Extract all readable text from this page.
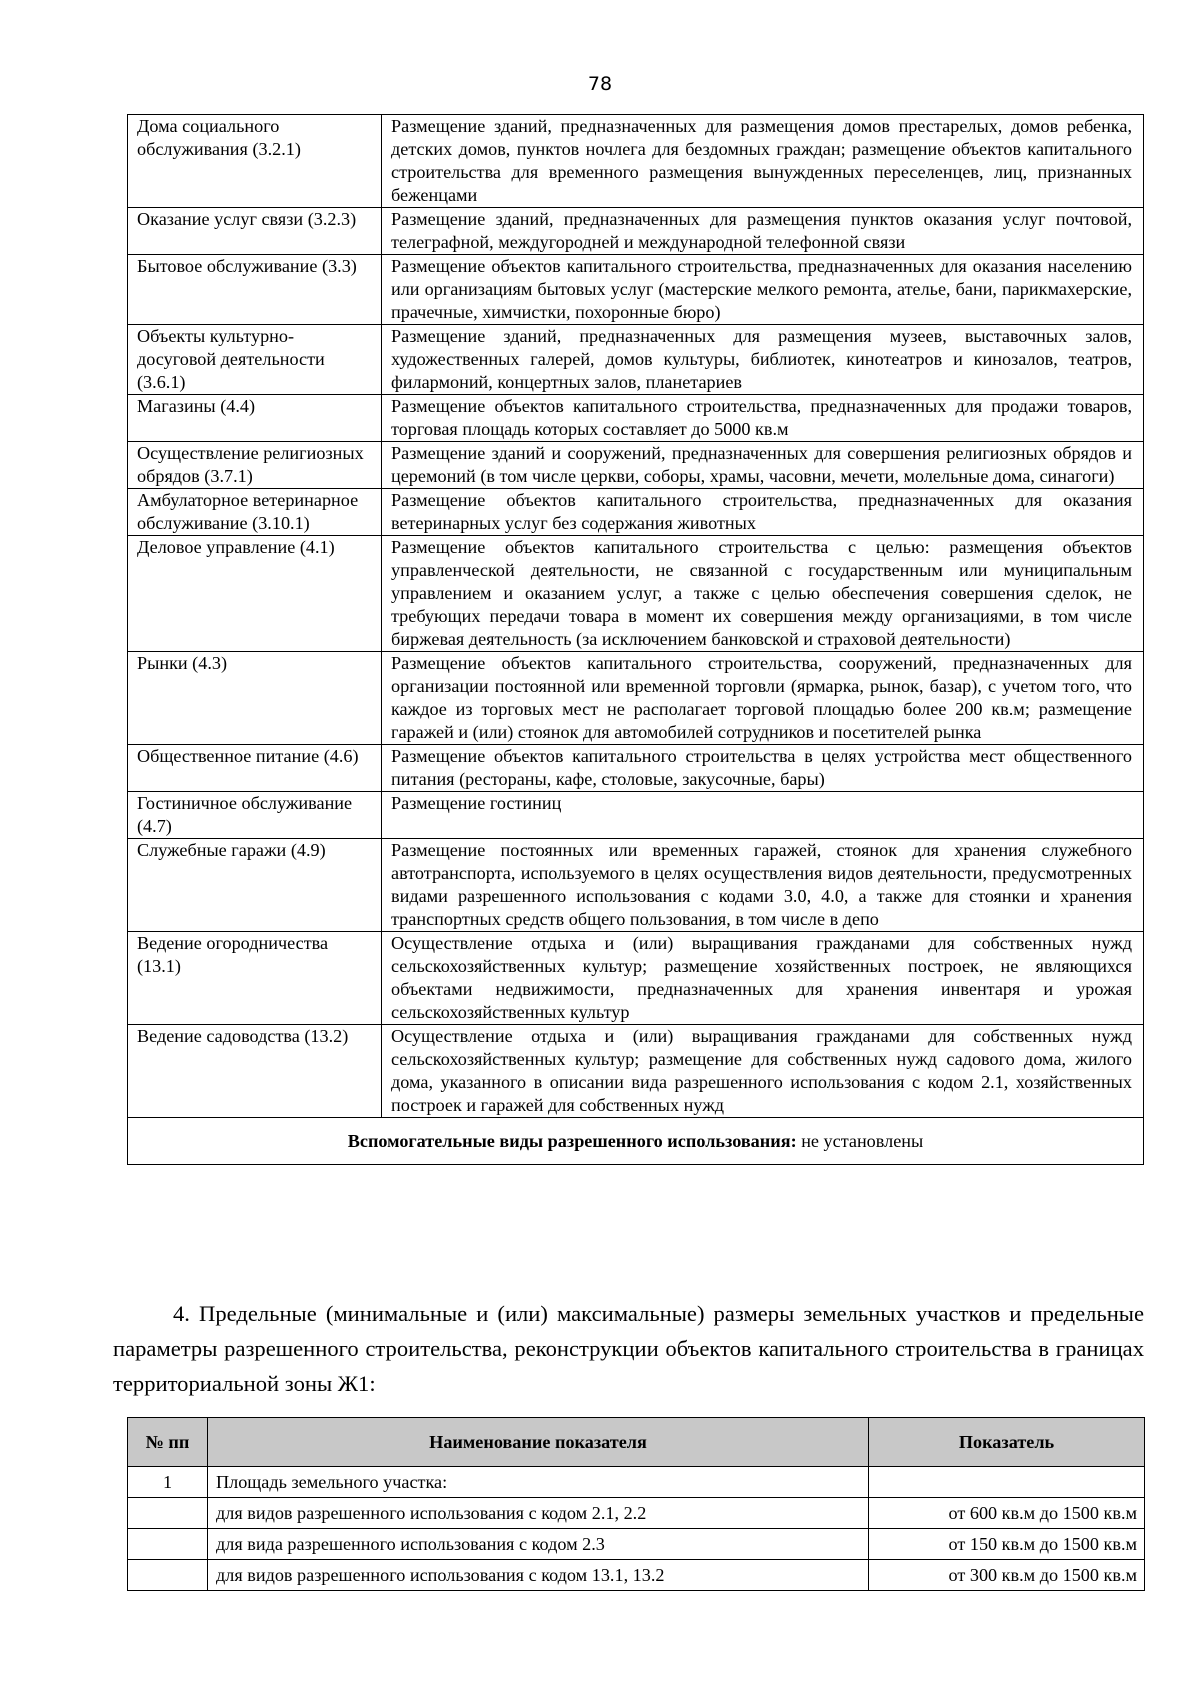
78
Дома социального обслуживания (3.2.1)	Размещение зданий, предназначенных для размещения домов престарелых, домов ребенка, детских домов, пунктов ночлега для бездомных граждан; размещение объектов капитального строительства для временного размещения вынужденных переселенцев, лиц, признанных беженцами
Оказание услуг связи (3.2.3)	Размещение зданий, предназначенных для размещения пунктов оказания услуг почтовой, телеграфной, междугородней и международной телефонной связи
Бытовое обслуживание (3.3)	Размещение объектов капитального строительства, предназначенных для оказания населению или организациям бытовых услуг (мастерские мелкого ремонта, ателье, бани, парикмахерские, прачечные, химчистки, похоронные бюро)
Объекты культурно-досуговой деятельности (3.6.1)	Размещение зданий, предназначенных для размещения музеев, выставочных залов, художественных галерей, домов культуры, библиотек, кинотеатров и кинозалов, театров, филармоний, концертных залов, планетариев
Магазины (4.4)	Размещение объектов капитального строительства, предназначенных для продажи товаров, торговая площадь которых составляет до 5000 кв.м
Осуществление религиозных обрядов (3.7.1)	Размещение зданий и сооружений, предназначенных для совершения религиозных обрядов и церемоний (в том числе церкви, соборы, храмы, часовни, мечети, молельные дома, синагоги)
Амбулаторное ветеринарное обслуживание (3.10.1)	Размещение объектов капитального строительства, предназначенных для оказания ветеринарных услуг без содержания животных
Деловое управление (4.1)	Размещение объектов капитального строительства с целью: размещения объектов управленческой деятельности, не связанной с государственным или муниципальным управлением и оказанием услуг, а также с целью обеспечения совершения сделок, не требующих передачи товара в момент их совершения между организациями, в том числе биржевая деятельность (за исключением банковской и страховой деятельности)
Рынки (4.3)	Размещение объектов капитального строительства, сооружений, предназначенных для организации постоянной или временной торговли (ярмарка, рынок, базар), с учетом того, что каждое из торговых мест не располагает торговой площадью более 200 кв.м; размещение гаражей и (или) стоянок для автомобилей сотрудников и посетителей рынка
Общественное питание (4.6)	Размещение объектов капитального строительства в целях устройства мест общественного питания (рестораны, кафе, столовые, закусочные, бары)
Гостиничное обслуживание (4.7)	Размещение гостиниц
Служебные гаражи (4.9)	Размещение постоянных или временных гаражей, стоянок для хранения служебного автотранспорта, используемого в целях осуществления видов деятельности, предусмотренных видами разрешенного использования с кодами 3.0, 4.0, а также для стоянки и хранения транспортных средств общего пользования, в том числе в депо
Ведение огородничества (13.1)	Осуществление отдыха и (или) выращивания гражданами для собственных нужд сельскохозяйственных культур; размещение хозяйственных построек, не являющихся объектами недвижимости, предназначенных для хранения инвентаря и урожая сельскохозяйственных культур
Ведение садоводства (13.2)	Осуществление отдыха и (или) выращивания гражданами для собственных нужд сельскохозяйственных культур; размещение для собственных нужд садового дома, жилого дома, указанного в описании вида разрешенного использования с кодом 2.1, хозяйственных построек и гаражей для собственных нужд
Вспомогательные виды разрешенного использования: не установлены	

4. Предельные (минимальные и (или) максимальные) размеры земельных участков и предельные параметры разрешенного строительства, реконструкции объектов капитального строительства в границах территориальной зоны Ж1:

№ пп	Наименование показателя	Показатель
1	Площадь земельного участка:	
	для видов разрешенного использования с кодом 2.1, 2.2	от 600 кв.м до 1500 кв.м
	для вида разрешенного использования с кодом 2.3	от 150 кв.м до 1500 кв.м
	для видов разрешенного использования с кодом 13.1, 13.2	от 300 кв.м до 1500 кв.м
